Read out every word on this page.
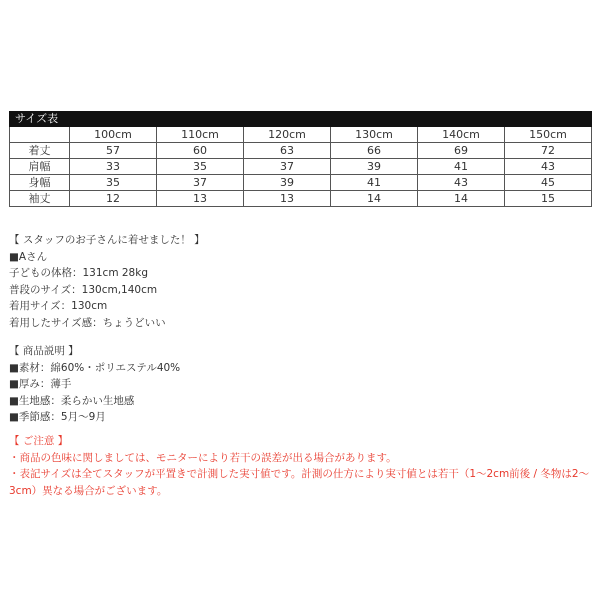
サイズ表						
	100cm	110cm	120cm	130cm	140cm	150cm
着丈	57	60	63	66	69	72
肩幅	33	35	37	39	41	43
身幅	35	37	39	41	43	45
袖丈	12	13	13	14	14	15
【 スタッフのお子さんに着せました！ 】
■Aさん
子どもの体格：131cm 28kg
普段のサイズ：130cm,140cm
着用サイズ：130cm
着用したサイズ感：ちょうどいい
【 商品説明 】
■素材：綿60%・ポリエステル40%
■厚み：薄手
■生地感：柔らかい生地感
■季節感：5月～9月
【 ご注意 】
・商品の色味に関しましては、モニターにより若干の誤差が出る場合があります。
・表記サイズは全てスタッフが平置きで計測した実寸値です。計測の仕方により実寸値とは若干（1～2cm前後 / 冬物は2～3cm）異なる場合がございます。
